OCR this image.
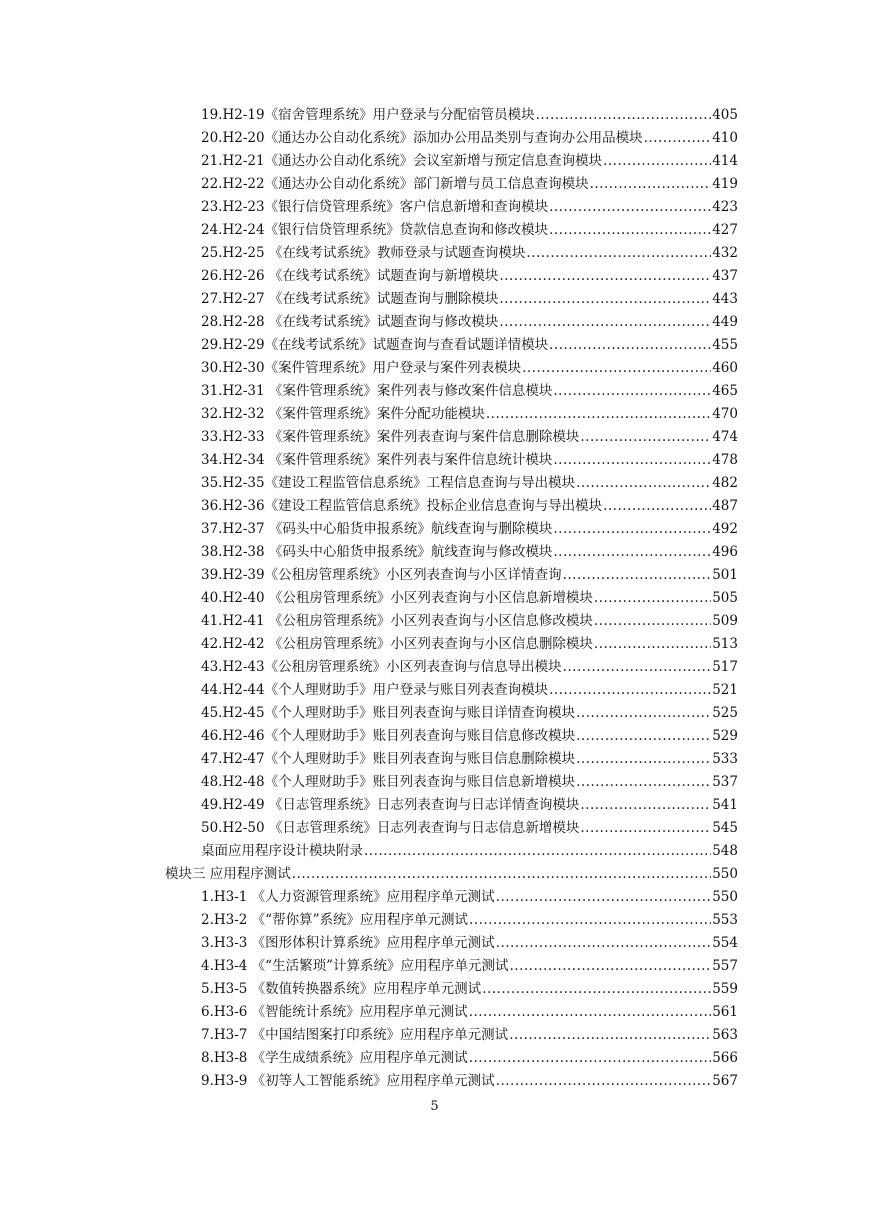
19.H2-19《宿舍管理系统》用户登录与分配宿管员模块 .....	405
20.H2-20《通达办公自动化系统》添加办公用品类别与查询办公用品模块 .....	410
21.H2-21《通达办公自动化系统》会议室新增与预定信息查询模块 .....	414
22.H2-22《通达办公自动化系统》部门新增与员工信息查询模块 .....	419
23.H2-23《银行信贷管理系统》客户信息新增和查询模块 .....	423
24.H2-24《银行信贷管理系统》贷款信息查询和修改模块 .....	427
25.H2-25 《在线考试系统》教师登录与试题查询模块 .....	432
26.H2-26 《在线考试系统》试题查询与新增模块 .....	437
27.H2-27 《在线考试系统》试题查询与删除模块 .....	443
28.H2-28 《在线考试系统》试题查询与修改模块 .....	449
29.H2-29《在线考试系统》试题查询与查看试题详情模块 .....	455
30.H2-30《案件管理系统》用户登录与案件列表模块 .....	460
31.H2-31 《案件管理系统》案件列表与修改案件信息模块 .....	465
32.H2-32 《案件管理系统》案件分配功能模块 .....	470
33.H2-33 《案件管理系统》案件列表查询与案件信息删除模块 .....	474
34.H2-34 《案件管理系统》案件列表与案件信息统计模块 .....	478
35.H2-35《建设工程监管信息系统》工程信息查询与导出模块 .....	482
36.H2-36《建设工程监管信息系统》投标企业信息查询与导出模块 .....	487
37.H2-37 《码头中心船货申报系统》航线查询与删除模块 .....	492
38.H2-38 《码头中心船货申报系统》航线查询与修改模块 .....	496
39.H2-39《公租房管理系统》小区列表查询与小区详情查询 .....	501
40.H2-40 《公租房管理系统》小区列表查询与小区信息新增模块 .....	505
41.H2-41 《公租房管理系统》小区列表查询与小区信息修改模块 .....	509
42.H2-42 《公租房管理系统》小区列表查询与小区信息删除模块 .....	513
43.H2-43《公租房管理系统》小区列表查询与信息导出模块 .....	517
44.H2-44《个人理财助手》用户登录与账目列表查询模块 .....	521
45.H2-45《个人理财助手》账目列表查询与账目详情查询模块 .....	525
46.H2-46《个人理财助手》账目列表查询与账目信息修改模块 .....	529
47.H2-47《个人理财助手》账目列表查询与账目信息删除模块 .....	533
48.H2-48《个人理财助手》账目列表查询与账目信息新增模块 .....	537
49.H2-49 《日志管理系统》日志列表查询与日志详情查询模块 .....	541
50.H2-50 《日志管理系统》日志列表查询与日志信息新增模块 .....	545
桌面应用程序设计模块附录 .....	548
模块三 应用程序测试 .....	550
1.H3-1 《人力资源管理系统》应用程序单元测试 .....	550
2.H3-2 《“帮你算”系统》应用程序单元测试 .....	553
3.H3-3 《图形体积计算系统》应用程序单元测试 .....	554
4.H3-4 《“生活繁琐”计算系统》应用程序单元测试 .....	557
5.H3-5 《数值转换器系统》应用程序单元测试 .....	559
6.H3-6 《智能统计系统》应用程序单元测试 .....	561
7.H3-7 《中国结图案打印系统》应用程序单元测试 .....	563
8.H3-8 《学生成绩系统》应用程序单元测试 .....	566
9.H3-9 《初等人工智能系统》应用程序单元测试 .....	567
5
